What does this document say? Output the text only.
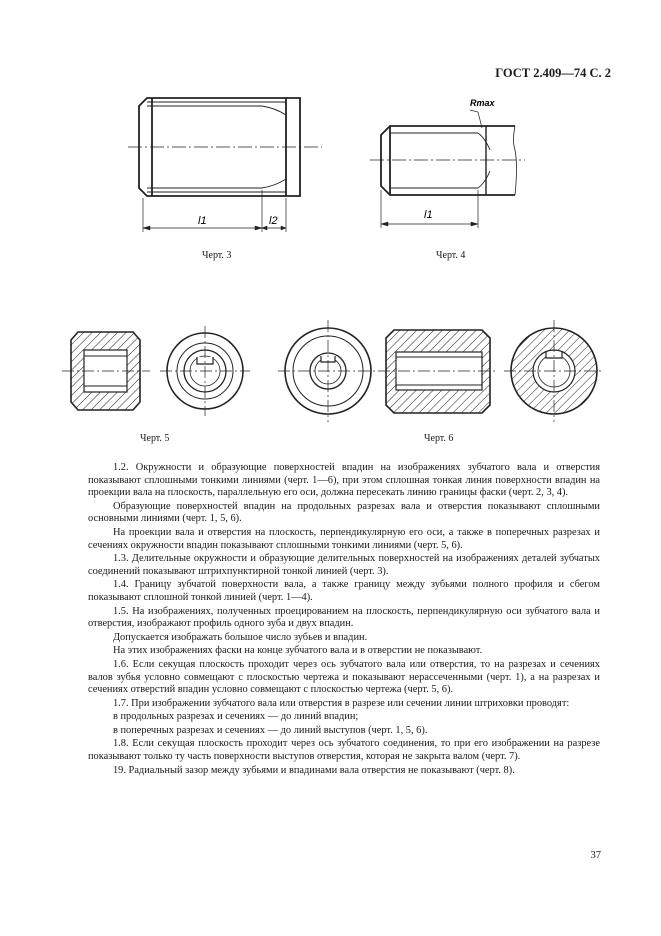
ГОСТ 2.409—74 С. 2
l1	l2	l1
Rmax
Черт. 3	Черт. 4
Черт. 5	Черт. 6

1.2. Окружности и образующие поверхностей впадин на изображениях зубчатого вала и отверстия показывают сплошными тонкими линиями (черт. 1—6), при этом сплошная тонкая линия поверхности впадин на проекции вала на плоскость, параллельную его оси, должна пересекать линию границы фаски (черт. 2, 3, 4).

Образующие поверхностей впадин на продольных разрезах вала и отверстия показывают сплошными основными линиями (черт. 1, 5, 6).

На проекции вала и отверстия на плоскость, перпендикулярную его оси, а также в поперечных разрезах и сечениях окружности впадин показывают сплошными тонкими линиями (черт. 5, 6).

1.3. Делительные окружности и образующие делительных поверхностей на изображениях деталей зубчатых соединений показывают штрихпунктирной тонкой линией (черт. 3).

1.4. Границу зубчатой поверхности вала, а также границу между зубьями полного профиля и сбегом показывают сплошной тонкой линией (черт. 1—4).

1.5. На изображениях, полученных проецированием на плоскость, перпендикулярную оси зубчатого вала и отверстия, изображают профиль одного зуба и двух впадин.

Допускается изображать большое число зубьев и впадин.

На этих изображениях фаски на конце зубчатого вала и в отверстии не показывают.

1.6. Если секущая плоскость проходит через ось зубчатого вала или отверстия, то на разрезах и сечениях валов зубья условно совмещают с плоскостью чертежа и показывают нерассеченными (черт. 1), а на разрезах и сечениях отверстий впадин условно совмещают с плоскостью чертежа (черт. 5, 6).

1.7. При изображении зубчатого вала или отверстия в разрезе или сечении линии штриховки проводят:

в продольных разрезах и сечениях — до линий впадин;

в поперечных разрезах и сечениях — до линий выступов (черт. 1, 5, 6).

1.8. Если секущая плоскость проходит через ось зубчатого соединения, то при его изображении на разрезе показывают только ту часть поверхности выступов отверстия, которая не закрыта валом (черт. 7).

19. Радиальный зазор между зубьями и впадинами вала отверстия не показывают (черт. 8).

37
